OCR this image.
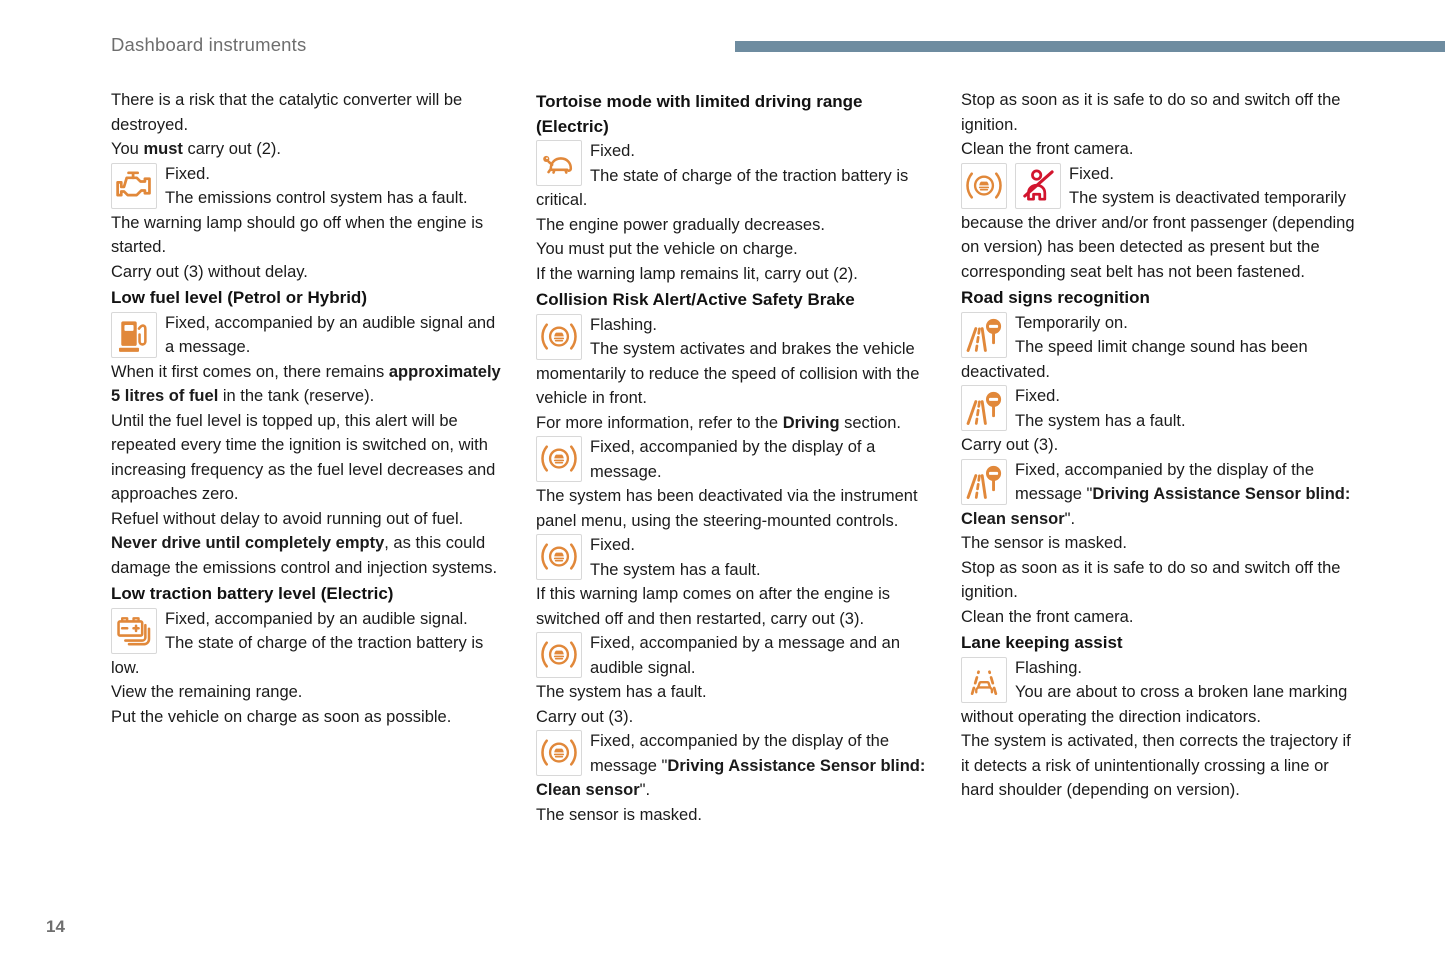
Dashboard instruments

There is a risk that the catalytic converter will be destroyed.

You must carry out (2).

Fixed.

The emissions control system has a fault.

The warning lamp should go off when the engine is started.

Carry out (3) without delay.

Low fuel level (Petrol or Hybrid)

Fixed, accompanied by an audible signal and a message.

When it first comes on, there remains approximately 5 litres of fuel in the tank (reserve).

Until the fuel level is topped up, this alert will be repeated every time the ignition is switched on, with increasing frequency as the fuel level decreases and approaches zero.

Refuel without delay to avoid running out of fuel.

Never drive until completely empty, as this could damage the emissions control and injection systems.

Low traction battery level (Electric)

Fixed, accompanied by an audible signal.

The state of charge of the traction battery is low.

View the remaining range.

Put the vehicle on charge as soon as possible.

Tortoise mode with limited driving range (Electric)

Fixed.

The state of charge of the traction battery is critical.

The engine power gradually decreases.

You must put the vehicle on charge.

If the warning lamp remains lit, carry out (2).

Collision Risk Alert/Active Safety Brake

Flashing.

The system activates and brakes the vehicle momentarily to reduce the speed of collision with the vehicle in front.

For more information, refer to the Driving section.

Fixed, accompanied by the display of a message.

The system has been deactivated via the instrument panel menu, using the steering-mounted controls.

Fixed.

The system has a fault.

If this warning lamp comes on after the engine is switched off and then restarted, carry out (3).

Fixed, accompanied by a message and an audible signal.

The system has a fault.

Carry out (3).

Fixed, accompanied by the display of the message "Driving Assistance Sensor blind: Clean sensor".

The sensor is masked.

Stop as soon as it is safe to do so and switch off the ignition.

Clean the front camera.

Fixed.

The system is deactivated temporarily because the driver and/or front passenger (depending on version) has been detected as present but the corresponding seat belt has not been fastened.

Road signs recognition

Temporarily on.

The speed limit change sound has been deactivated.

Fixed.

The system has a fault.

Carry out (3).

Fixed, accompanied by the display of the message "Driving Assistance Sensor blind: Clean sensor".

The sensor is masked.

Stop as soon as it is safe to do so and switch off the ignition.

Clean the front camera.

Lane keeping assist

Flashing.

You are about to cross a broken lane marking without operating the direction indicators.

The system is activated, then corrects the trajectory if it detects a risk of unintentionally crossing a line or hard shoulder (depending on version).

14
